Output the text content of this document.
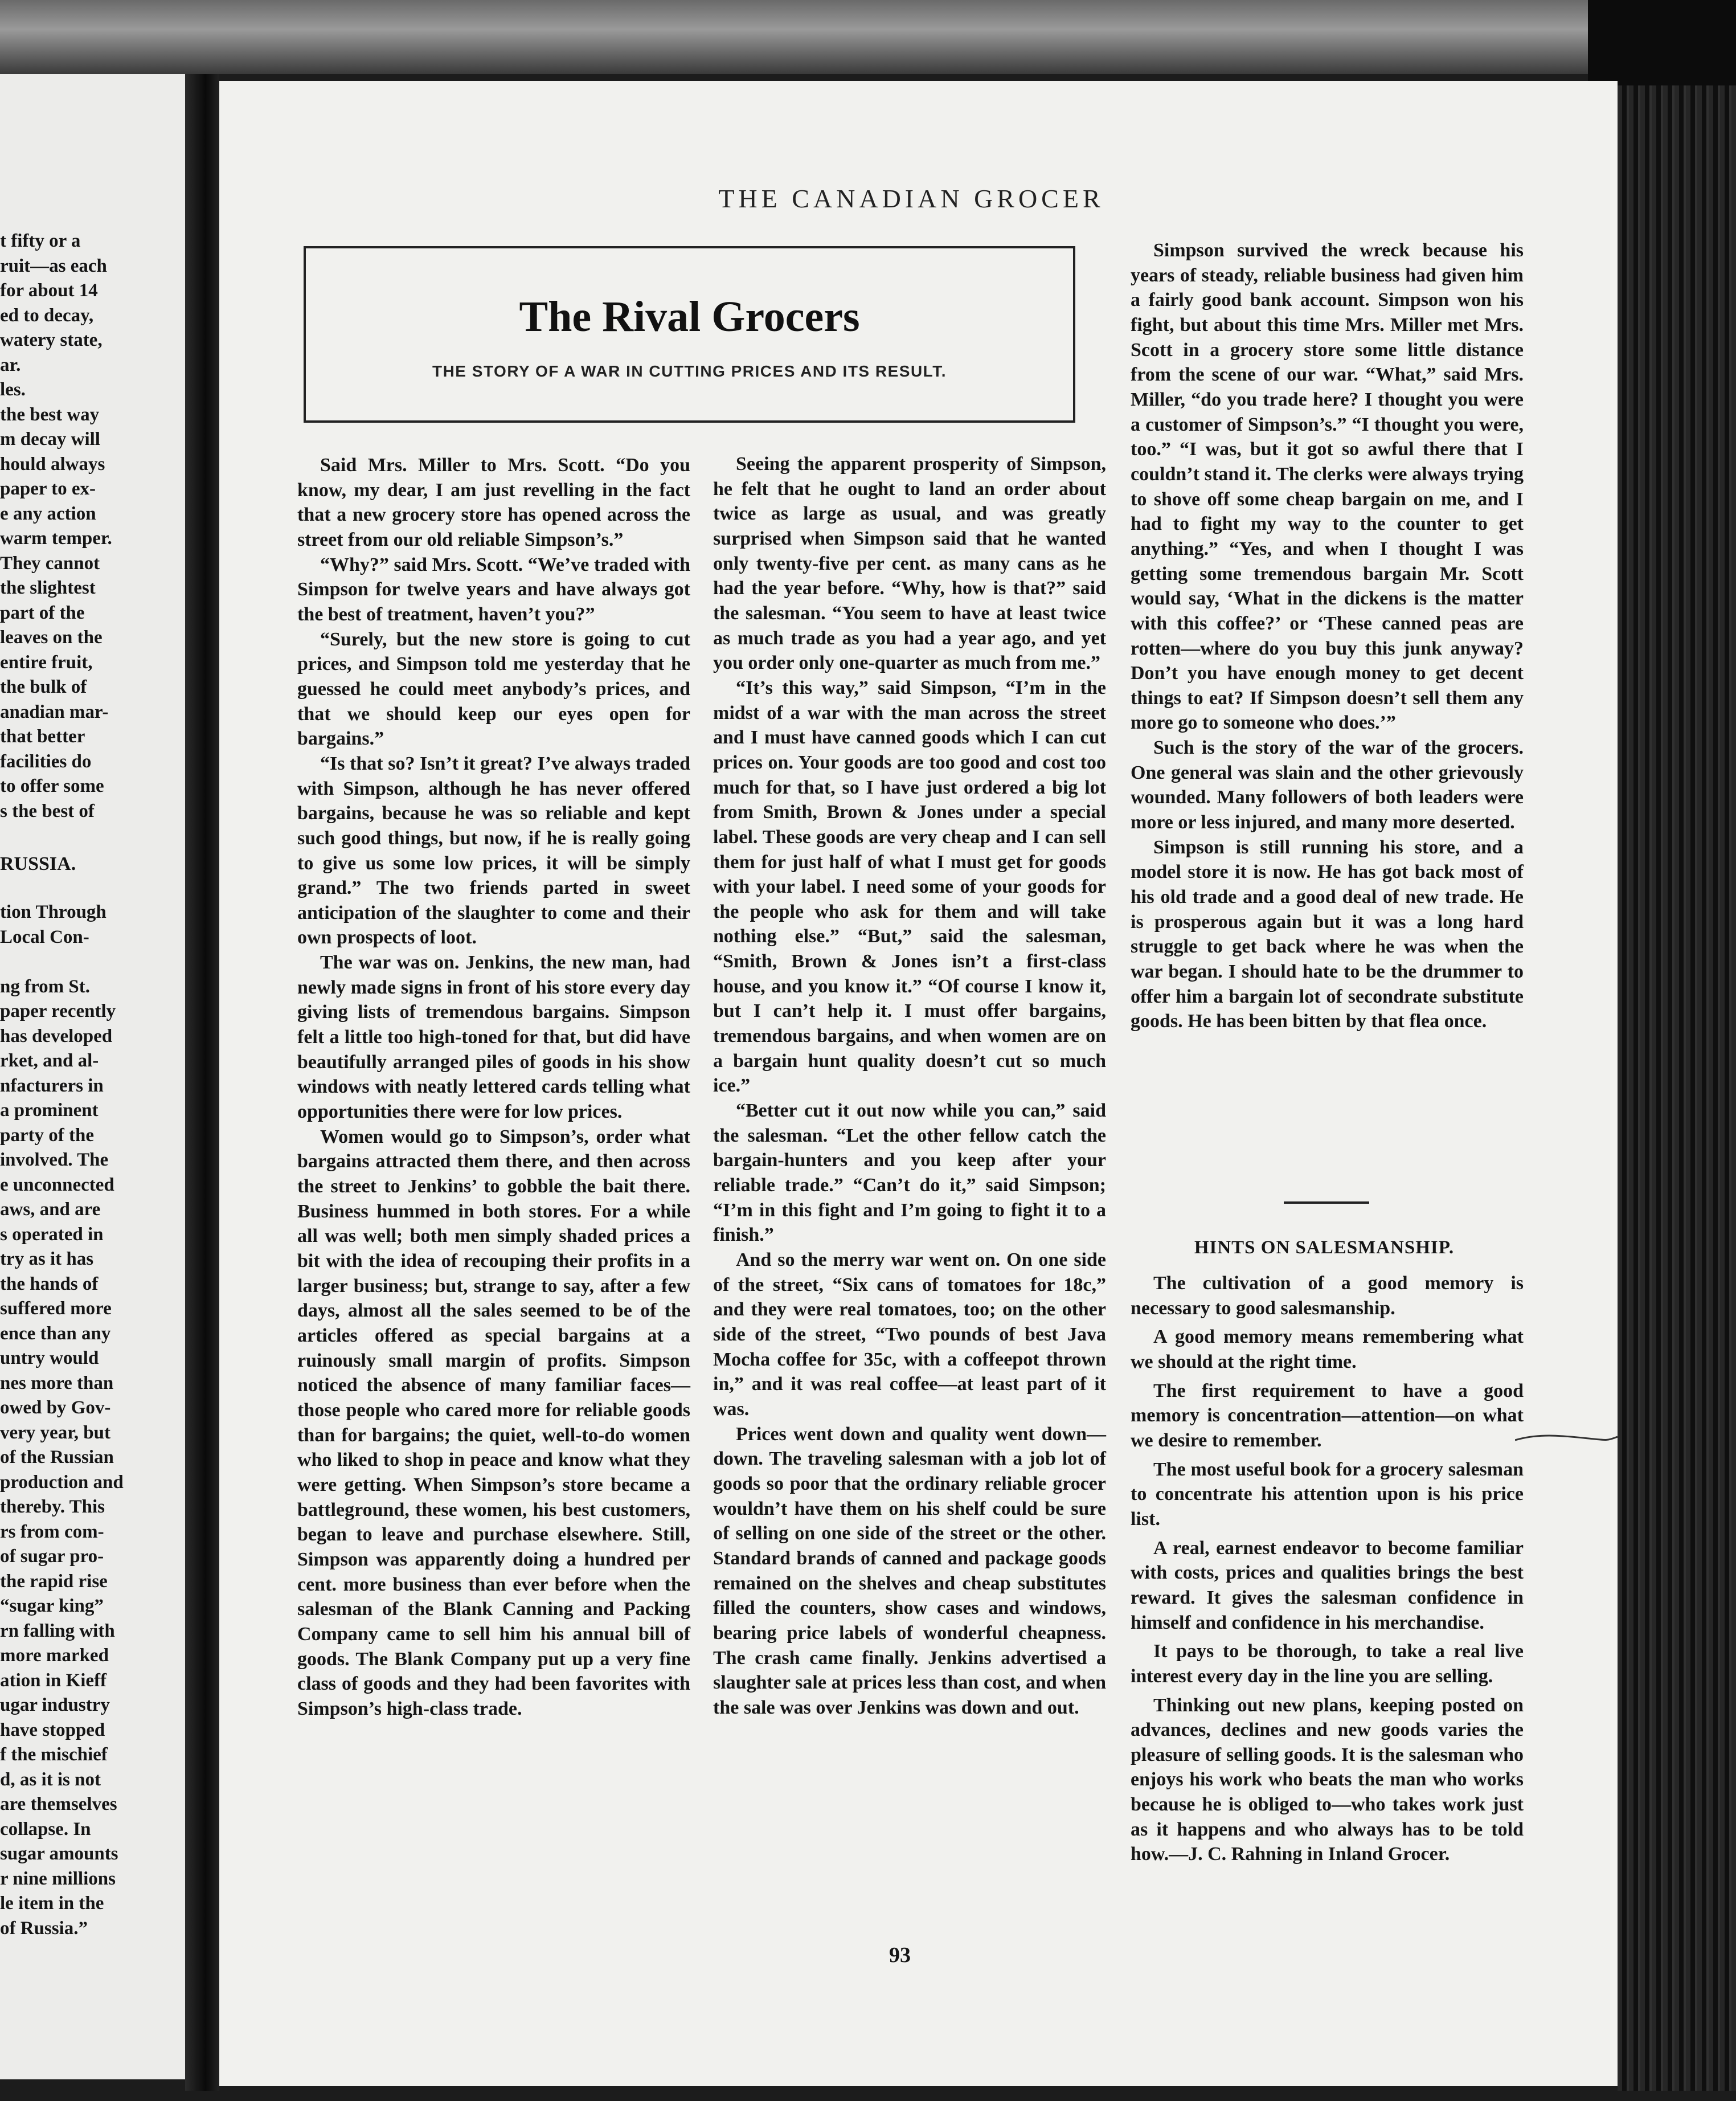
t fifty or a
ruit—as each
for about 14
ed to decay,
watery state,
ar.
les.
the best way
m decay will
hould always
paper to ex-
e any action
warm temper.
They cannot
the slightest
part of the
leaves on the
entire fruit,
the bulk of
anadian mar-
that better
facilities do
to offer some
s the best of
RUSSIA.
tion Through
Local Con-
ng from St.
paper recently
has developed
rket, and al-
nfacturers in
a prominent
party of the
involved. The
e unconnected
aws, and are
s operated in
try as it has
the hands of
suffered more
ence than any
untry would
nes more than
owed by Gov-
very year, but
of the Russian
production and
thereby. This
rs from com-
of sugar pro-
the rapid rise
“sugar king”
rn falling with
more marked
ation in Kieff
ugar industry
have stopped
f the mischief
d, as it is not
are themselves
collapse. In
sugar amounts
r nine millions
le item in the
of Russia.”
THE CANADIAN GROCER
The Rival Grocers
THE STORY OF A WAR IN CUTTING PRICES AND ITS RESULT.

Said Mrs. Miller to Mrs. Scott. “Do you know, my dear, I am just revelling in the fact that a new grocery store has opened across the street from our old reliable Simpson’s.”

“Why?” said Mrs. Scott. “We’ve traded with Simpson for twelve years and have always got the best of treatment, haven’t you?”

“Surely, but the new store is going to cut prices, and Simpson told me yesterday that he guessed he could meet anybody’s prices, and that we should keep our eyes open for bargains.”

“Is that so? Isn’t it great? I’ve always traded with Simpson, although he has never offered bargains, because he was so reliable and kept such good things, but now, if he is really going to give us some low prices, it will be simply grand.” The two friends parted in sweet anticipation of the slaughter to come and their own prospects of loot.

The war was on. Jenkins, the new man, had newly made signs in front of his store every day giving lists of tremendous bargains. Simpson felt a little too high-toned for that, but did have beautifully arranged piles of goods in his show windows with neatly lettered cards telling what opportunities there were for low prices.

Women would go to Simpson’s, order what bargains attracted them there, and then across the street to Jenkins’ to gobble the bait there. Business hummed in both stores. For a while all was well; both men simply shaded prices a bit with the idea of recouping their profits in a larger business; but, strange to say, after a few days, almost all the sales seemed to be of the articles offered as special bargains at a ruinously small margin of profits. Simpson noticed the absence of many familiar faces—those people who cared more for reliable goods than for bargains; the quiet, well-to-do women who liked to shop in peace and know what they were getting. When Simpson’s store became a battleground, these women, his best customers, began to leave and purchase elsewhere. Still, Simpson was apparently doing a hundred per cent. more business than ever before when the salesman of the Blank Canning and Packing Company came to sell him his annual bill of goods. The Blank Company put up a very fine class of goods and they had been favorites with Simpson’s high-class trade.

Seeing the apparent prosperity of Simpson, he felt that he ought to land an order about twice as large as usual, and was greatly surprised when Simpson said that he wanted only twenty-five per cent. as many cans as he had the year before. “Why, how is that?” said the salesman. “You seem to have at least twice as much trade as you had a year ago, and yet you order only one-quarter as much from me.”

“It’s this way,” said Simpson, “I’m in the midst of a war with the man across the street and I must have canned goods which I can cut prices on. Your goods are too good and cost too much for that, so I have just ordered a big lot from Smith, Brown & Jones under a special label. These goods are very cheap and I can sell them for just half of what I must get for goods with your label. I need some of your goods for the people who ask for them and will take nothing else.” “But,” said the salesman, “Smith, Brown & Jones isn’t a first-class house, and you know it.” “Of course I know it, but I can’t help it. I must offer bargains, tremendous bargains, and when women are on a bargain hunt quality doesn’t cut so much ice.”

“Better cut it out now while you can,” said the salesman. “Let the other fellow catch the bargain-hunters and you keep after your reliable trade.” “Can’t do it,” said Simpson; “I’m in this fight and I’m going to fight it to a finish.”

And so the merry war went on. On one side of the street, “Six cans of tomatoes for 18c,” and they were real tomatoes, too; on the other side of the street, “Two pounds of best Java Mocha coffee for 35c, with a coffeepot thrown in,” and it was real coffee—at least part of it was.

Prices went down and quality went down—down. The traveling salesman with a job lot of goods so poor that the ordinary reliable grocer wouldn’t have them on his shelf could be sure of selling on one side of the street or the other. Standard brands of canned and package goods remained on the shelves and cheap substitutes filled the counters, show cases and windows, bearing price labels of wonderful cheapness. The crash came finally. Jenkins advertised a slaughter sale at prices less than cost, and when the sale was over Jenkins was down and out.

Simpson survived the wreck because his years of steady, reliable business had given him a fairly good bank account. Simpson won his fight, but about this time Mrs. Miller met Mrs. Scott in a grocery store some little distance from the scene of our war. “What,” said Mrs. Miller, “do you trade here? I thought you were a customer of Simpson’s.” “I thought you were, too.” “I was, but it got so awful there that I couldn’t stand it. The clerks were always trying to shove off some cheap bargain on me, and I had to fight my way to the counter to get anything.” “Yes, and when I thought I was getting some tremendous bargain Mr. Scott would say, ‘What in the dickens is the matter with this coffee?’ or ‘These canned peas are rotten—where do you buy this junk anyway? Don’t you have enough money to get decent things to eat? If Simpson doesn’t sell them any more go to someone who does.’”

Such is the story of the war of the grocers. One general was slain and the other grievously wounded. Many followers of both leaders were more or less injured, and many more deserted.

Simpson is still running his store, and a model store it is now. He has got back most of his old trade and a good deal of new trade. He is prosperous again but it was a long hard struggle to get back where he was when the war began. I should hate to be the drummer to offer him a bargain lot of secondrate substitute goods. He has been bitten by that flea once.

HINTS ON SALESMANSHIP.

The cultivation of a good memory is necessary to good salesmanship.

A good memory means remembering what we should at the right time.

The first requirement to have a good memory is concentration—attention—on what we desire to remember.

The most useful book for a grocery salesman to concentrate his attention upon is his price list.

A real, earnest endeavor to become familiar with costs, prices and qualities brings the best reward. It gives the salesman confidence in himself and confidence in his merchandise.

It pays to be thorough, to take a real live interest every day in the line you are selling.

Thinking out new plans, keeping posted on advances, declines and new goods varies the pleasure of selling goods. It is the salesman who enjoys his work who beats the man who works because he is obliged to—who takes work just as it happens and who always has to be told how.—J. C. Rahning in Inland Grocer.

93
